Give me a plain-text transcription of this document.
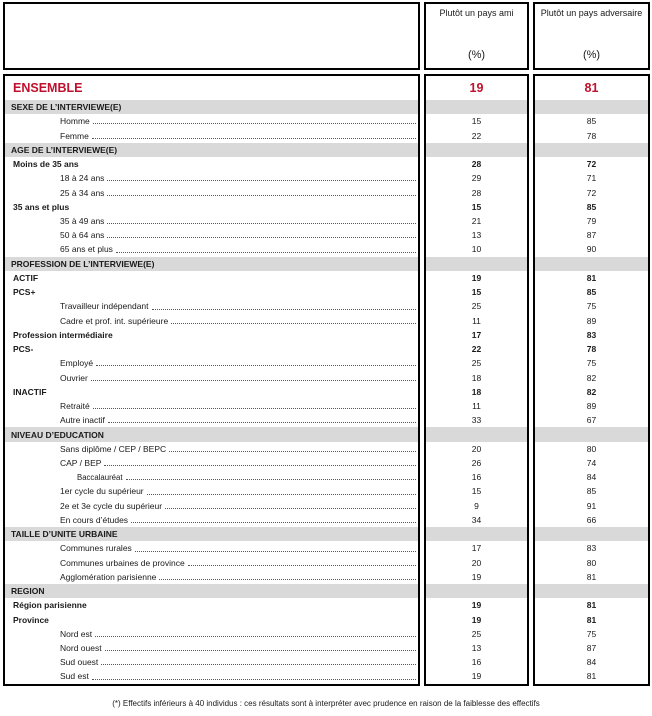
Plutôt un pays ami
(%)
Plutôt un pays adversaire
(%)
ENSEMBLE
SEXE DE L’INTERVIEWE(E)
Homme
Femme
AGE DE L’INTERVIEWE(E)
Moins de 35 ans
18 à 24 ans
25 à 34 ans
35 ans et plus
35 à 49 ans
50 à 64 ans
65 ans et plus
PROFESSION DE L’INTERVIEWE(E)
ACTIF
PCS+
Travailleur indépendant
Cadre et prof. int. supérieure
Profession intermédiaire
PCS-
Employé
Ouvrier
INACTIF
Retraité
Autre inactif
NIVEAU D’EDUCATION
Sans diplôme / CEP / BEPC
CAP / BEP
Baccalauréat
1er cycle du supérieur
2e et 3e cycle du supérieur
En cours d’études
TAILLE D’UNITE URBAINE
Communes rurales
Communes urbaines de province
Agglomération parisienne
REGION
Région parisienne
Province
Nord est
Nord ouest
Sud ouest
Sud est
19
15
22
28
29
28
15
21
13
10
19
15
25
11
17
22
25
18
18
11
33
20
26
16
15
9
34
17
20
19
19
19
25
13
16
19
81
85
78
72
71
72
85
79
87
90
81
85
75
89
83
78
75
82
82
89
67
80
74
84
85
91
66
83
80
81
81
81
75
87
84
81
(*) Effectifs inférieurs à 40 individus : ces résultats sont à interpréter avec prudence en raison de la faiblesse des effectifs
